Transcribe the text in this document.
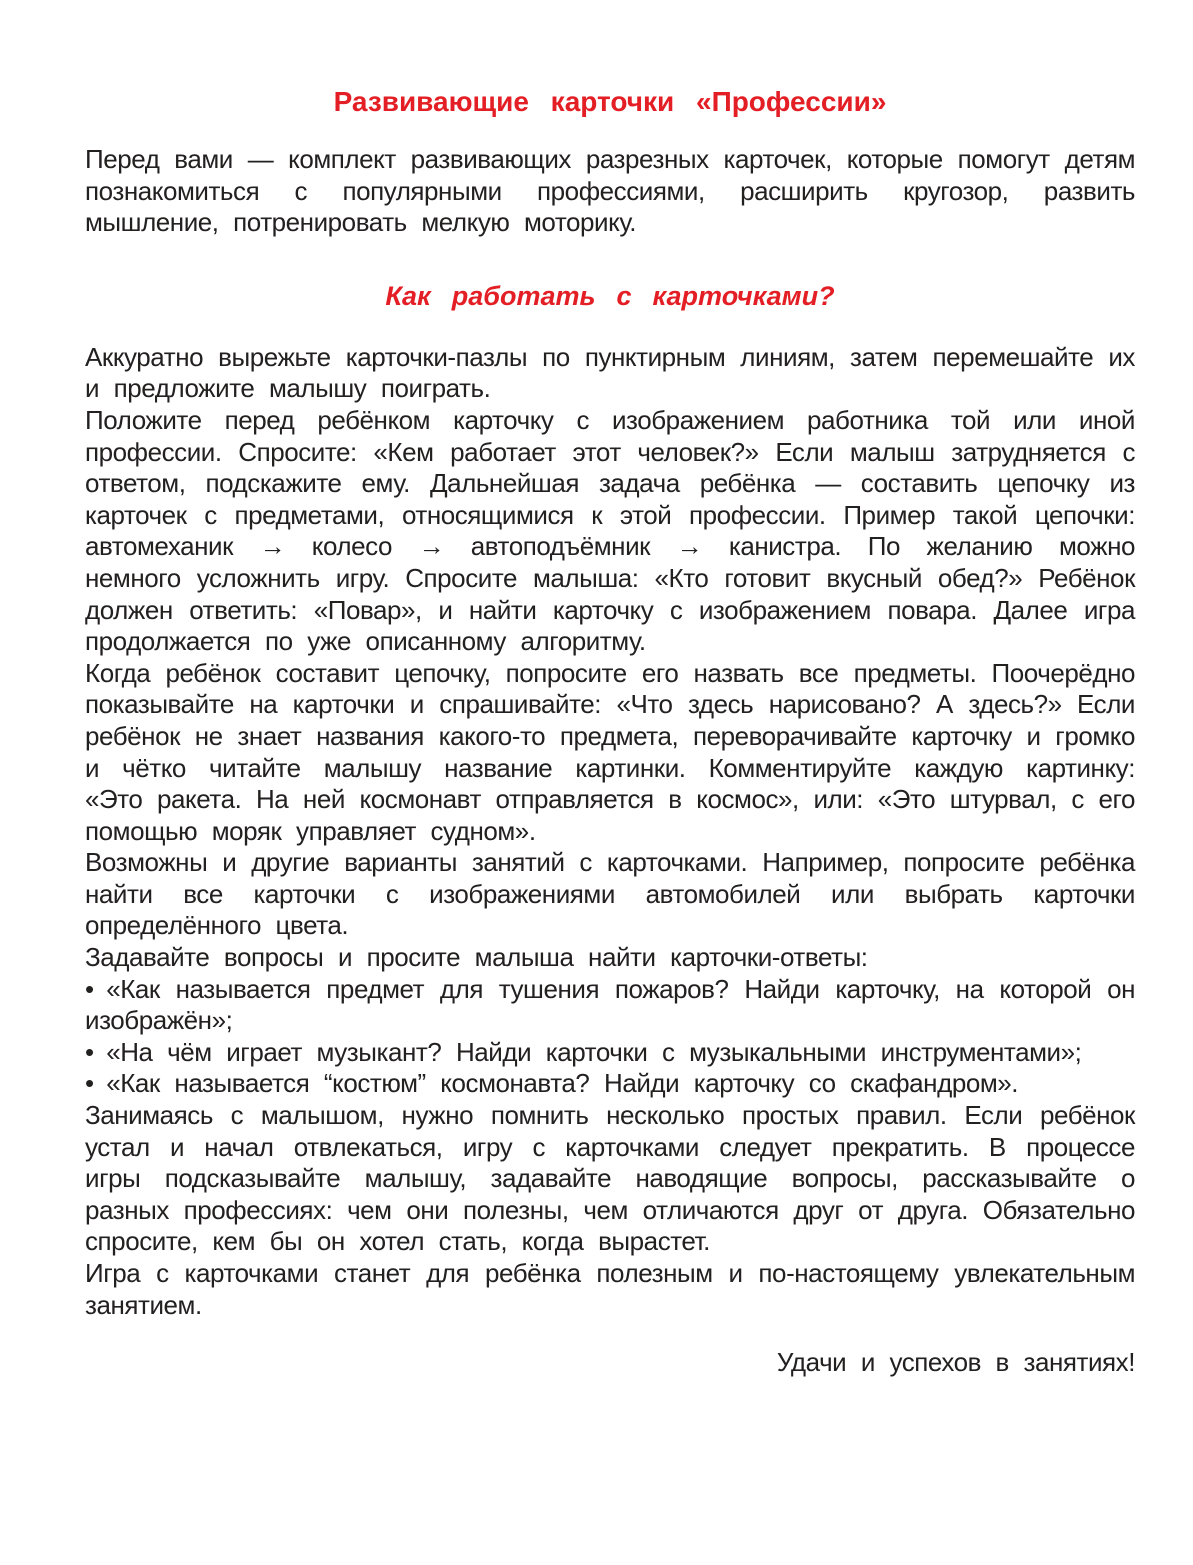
Развивающие карточки «Профессии»

Перед вами — комплект развивающих разрезных карточек, которые помогут детям познакомиться с популярными профессиями, расширить кругозор, развить мышление, потренировать мелкую моторику.

Как работать с карточками?

Аккуратно вырежьте карточки-пазлы по пунктирным линиям, затем перемешайте их и предложите малышу поиграть.

Положите перед ребёнком карточку с изображением работника той или иной профессии. Спросите: «Кем работает этот человек?» Если малыш затрудняется с ответом, подскажите ему. Дальнейшая задача ребёнка — составить цепочку из карточек с предметами, относящимися к этой профессии. Пример такой цепочки: автомеханик → колесо → автоподъёмник → канистра. По желанию можно немного усложнить игру. Спросите малыша: «Кто готовит вкусный обед?» Ребёнок должен ответить: «Повар», и найти карточку с изображением повара. Далее игра продолжается по уже описанному алгоритму.

Когда ребёнок составит цепочку, попросите его назвать все предметы. Поочерёдно показывайте на карточки и спрашивайте: «Что здесь нарисовано? А здесь?» Если ребёнок не знает названия какого-то предмета, переворачивайте карточку и громко и чётко читайте малышу название картинки. Комментируйте каждую картинку: «Это ракета. На ней космонавт отправляется в космос», или: «Это штурвал, с его помощью моряк управляет судном».

Возможны и другие варианты занятий с карточками. Например, попросите ребёнка найти все карточки с изображениями автомобилей или выбрать карточки определённого цвета.

Задавайте вопросы и просите малыша найти карточки-ответы:

• «Как называется предмет для тушения пожаров? Найди карточку, на которой он изображён»;

• «На чём играет музыкант? Найди карточки с музыкальными инструментами»;

• «Как называется “костюм” космонавта? Найди карточку со скафандром».

Занимаясь с малышом, нужно помнить несколько простых правил. Если ребёнок устал и начал отвлекаться, игру с карточками следует прекратить. В процессе игры подсказывайте малышу, задавайте наводящие вопросы, рассказывайте о разных профессиях: чем они полезны, чем отличаются друг от друга. Обязательно спросите, кем бы он хотел стать, когда вырастет.

Игра с карточками станет для ребёнка полезным и по-настоящему увлекательным занятием.

Удачи и успехов в занятиях!
